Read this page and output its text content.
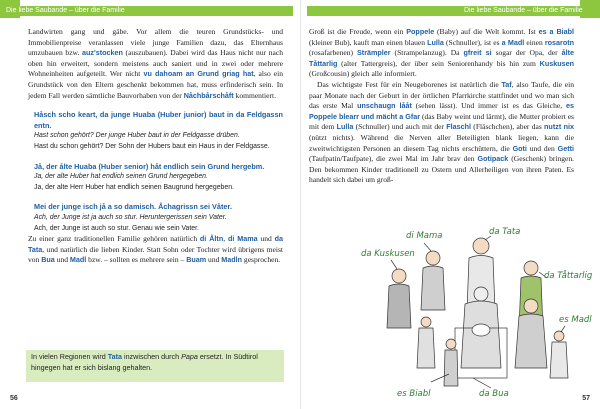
Die liebe Saubande – über die Familie

Landwirten gang und gäbe. Vor allem die teuren Grundstücks- und Immobilienpreise veranlassen viele junge Familien dazu, das Elternhaus umzubauen bzw. auz'stocken (auszubauen). Dabei wird das Haus nicht nur nach oben hin erweitert, sondern meistens auch saniert und in zwei oder mehrere Wohneinheiten aufgeteilt. Wer nicht vu dahoam an Grund griag hat, also ein Grundstück von den Eltern geschenkt bekommen hat, muss erfinderisch sein. In jedem Fall werden sämtliche Bauvorhaben von der Nåchbårschåft kommentiert.

Håsch scho keart, da junge Huaba (Huber junior) baut in da Feldgassn entn.
Hast schon gehört? Der junge Huber baut in der Feldgasse drüben.
Hast du schon gehört? Der Sohn der Hubers baut ein Haus in der Feldgasse.
Jå, der ålte Huaba (Huber senior) håt endlich sein Grund hergebm.
Ja, der alte Huber hat endlich seinen Grund hergegeben.
Ja, der alte Herr Huber hat endlich seinen Baugrund hergegeben.
Mei der junge isch jå a so damisch. Åchagrissn sei Våter.
Ach, der Junge ist ja auch so stur. Heruntergerissen sein Vater.
Ach, der Junge ist auch so stur. Genau wie sein Vater.

Zu einer ganz traditionellen Familie gehören natürlich di Åltn, di Mama und da Tata, und natürlich die lieben Kinder. Statt Sohn oder Tochter wird übrigens meist von Bua und Madl bzw. – sollten es mehrere sein – Buam und Madln gesprochen.

In vielen Regionen wird Tata inzwischen durch Papa ersetzt. In Südtirol hingegen hat er sich bislang gehalten.
56
Die liebe Saubande – über die Familie

Groß ist die Freude, wenn ein Poppele (Baby) auf die Welt kommt. Ist es a Biabl (kleiner Bub), kauft man einen blauen Lulla (Schnuller), ist es a Madl einen rosarotn (rosafarbenen) Strämpler (Strampelanzug). Da gfreit si sogar der Opa, der ålte Tåttarlig (alter Tattergreis), der über sein Seniorenhandy bis hin zum Kuskusen (Großcousin) gleich alle informiert.

Das wichtigste Fest für ein Neugeborenes ist natürlich die Taf, also Taufe, die ein paar Monate nach der Geburt in der örtlichen Pfarrkirche stattfindet und wo man sich das erste Mal unschaugn lååt (sehen lässt). Und immer ist es das Gleiche, es Poppele blearr und mächt a Gfar (das Baby weint und lärmt), die Mutter probiert es mit dem Lulla (Schnuller) und auch mit der Flaschl (Fläschchen), aber das nutzt nix (nützt nichts). Während die Nerven aller Beteiligten blank liegen, kann die zweitwichtigsten Personen an diesem Tag nichts erschüttern, die Goti und den Getti (Taufpatin/Taufpate), die zwei Mal im Jahr brav den Gotipack (Geschenk) bringen. Den bekommen Kinder traditionell zu Ostern und Allerheiligen von ihren Paten. Es handelt sich dabei um groß-

di Mama	da Tata
da Kuskusen
da Tåttarlig
es Madl
es Biabl	da Bua	57
